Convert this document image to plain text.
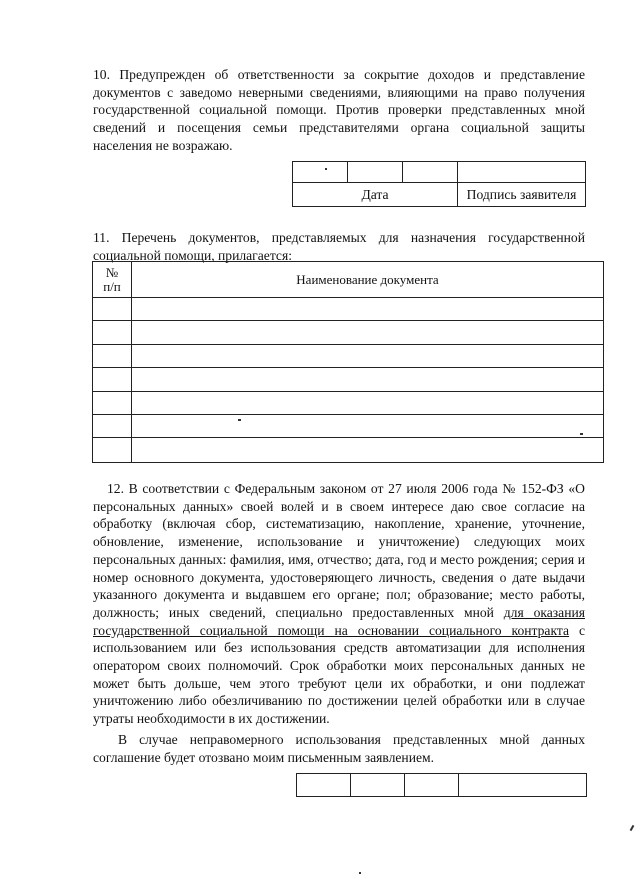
10. Предупрежден об ответственности за сокрытие доходов и представление документов с заведомо неверными сведениями, влияющими на право получения государственной социальной помощи. Против проверки представленных мной сведений и посещения семьи представителями органа социальной защиты населения не возражаю.

Дата			Подпись заявителя
11. Перечень документов, представляемых для назначения государственной социальной помощи, прилагается:
№
п/п	Наименование документа

12. В соответствии с Федеральным законом от 27 июля 2006 года № 152-ФЗ «О персональных данных» своей волей и в своем интересе даю свое согласие на обработку (включая сбор, систематизацию, накопление, хранение, уточнение, обновление, изменение, использование и уничтожение) следующих моих персональных данных: фамилия, имя, отчество; дата, год и место рождения; серия и номер основного документа, удостоверяющего личность, сведения о дате выдачи указанного документа и выдавшем его органе; пол; образование; место работы, должность; иных сведений, специально предоставленных мной для оказания государственной социальной помощи на основании социального контракта с использованием или без использования средств автоматизации для исполнения оператором своих полномочий. Срок обработки моих персональных данных не может быть дольше, чем этого требуют цели их обработки, и они подлежат уничтожению либо обезличиванию по достижении целей обработки или в случае утраты необходимости в их достижении.
В случае неправомерного использования представленных мной данных соглашение будет отозвано моим письменным заявлением.
